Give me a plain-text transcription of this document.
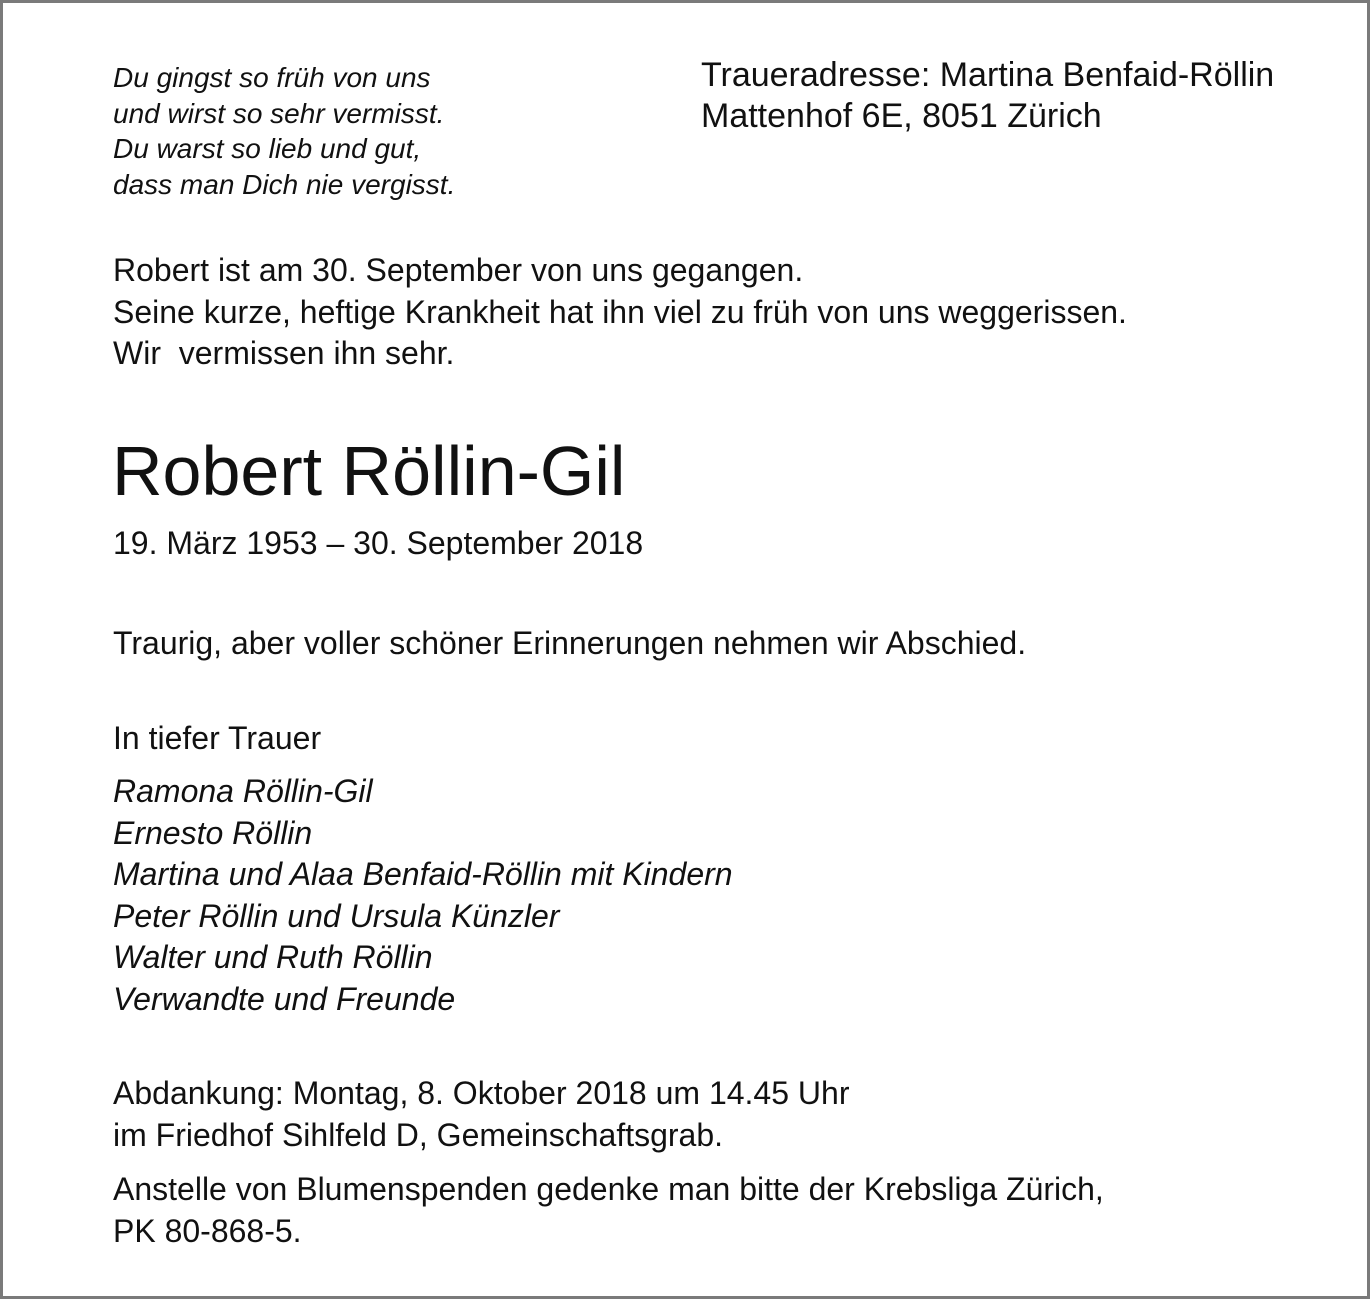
Du gingst so früh von uns
und wirst so sehr vermisst.
Du warst so lieb und gut,
dass man Dich nie vergisst.
Traueradresse: Martina Benfaid-Röllin
Mattenhof 6E, 8051 Zürich
Robert ist am 30. September von uns gegangen.
Seine kurze, heftige Krankheit hat ihn viel zu früh von uns weggerissen.
Wir  vermissen ihn sehr.
Robert Röllin-Gil
19. März 1953 – 30. September 2018
Traurig, aber voller schöner Erinnerungen nehmen wir Abschied.
In tiefer Trauer
Ramona Röllin-Gil
Ernesto Röllin
Martina und Alaa Benfaid-Röllin mit Kindern
Peter Röllin und Ursula Künzler
Walter und Ruth Röllin
Verwandte und Freunde
Abdankung: Montag, 8. Oktober 2018 um 14.45 Uhr
im Friedhof Sihlfeld D, Gemeinschaftsgrab.
Anstelle von Blumenspenden gedenke man bitte der Krebsliga Zürich,
PK 80-868-5.
